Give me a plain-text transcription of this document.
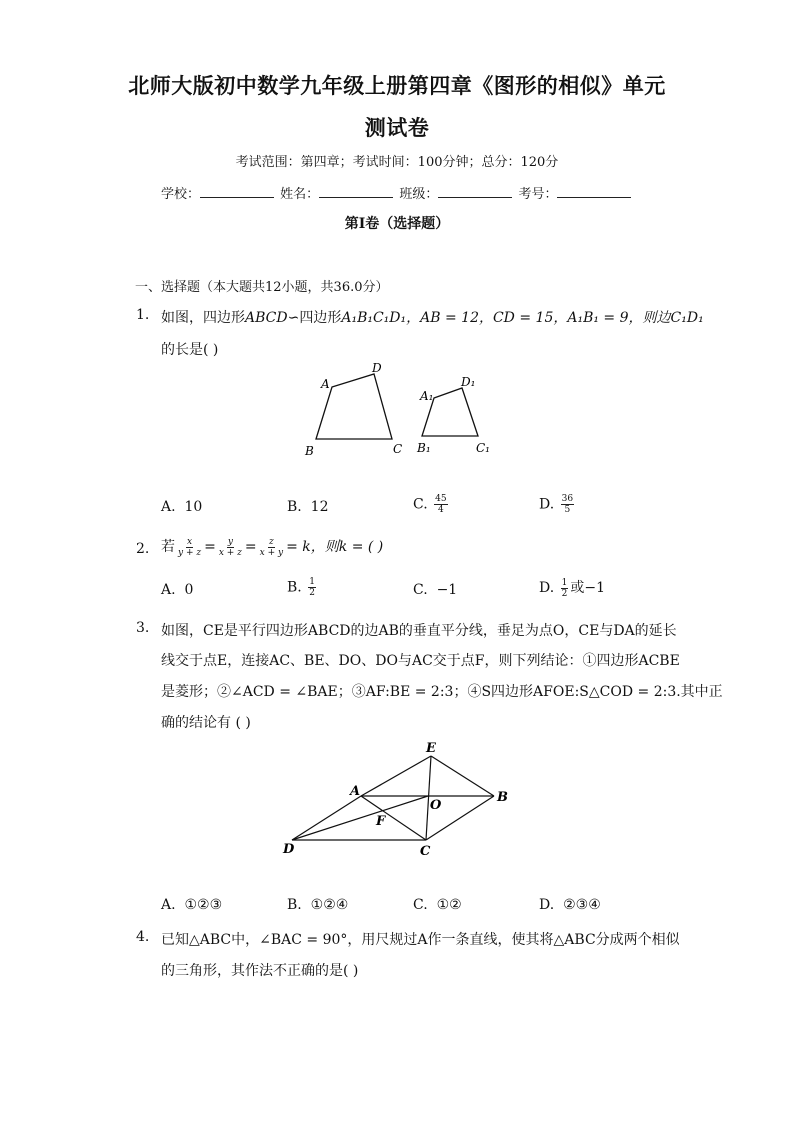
北师大版初中数学九年级上册第四章《图形的相似》单元
测试卷
考试范围：第四章；考试时间：100分钟；总分：120分
学校：	姓名：	班级：	考号：
第I卷（选择题）
一、选择题（本大题共12小题，共36.0分）
1. 如图，四边形ABCD∽四边形A₁B₁C₁D₁，AB = 12，CD = 15，A₁B₁ = 9，则边C₁D₁
的长是( )
A
D
B	C
A₁
D₁
B₁	C₁
A. 10	B. 12	C. $\frac{45}{4}$	D. $\frac{36}{5}$
2. 若 $\frac{x}{y + z} = \frac{y}{x + z} = \frac{z}{x + y} = k$，则k = ( )
A. 0	B. $\frac{1}{2}$	C. −1	D. $\frac{1}{2}$ 或−1
3. 如图，CE是平行四边形ABCD的边AB的垂直平分线，垂足为点O，CE与DA的延长
线交于点E，连接AC、BE、DO、DO与AC交于点F，则下列结论：①四边形ACBE
是菱形；②∠ACD = ∠BAE；③AF:BE = 2:3；④S四边形AFOE:S△COD = 2:3.其中正
确的结论有 ( )
E
A
O
B
F
D	C
A. ①②③	B. ①②④	C. ①②	D. ②③④
4. 已知△ABC中，∠BAC = 90°，用尺规过A作一条直线，使其将△ABC分成两个相似
的三角形，其作法不正确的是( )
